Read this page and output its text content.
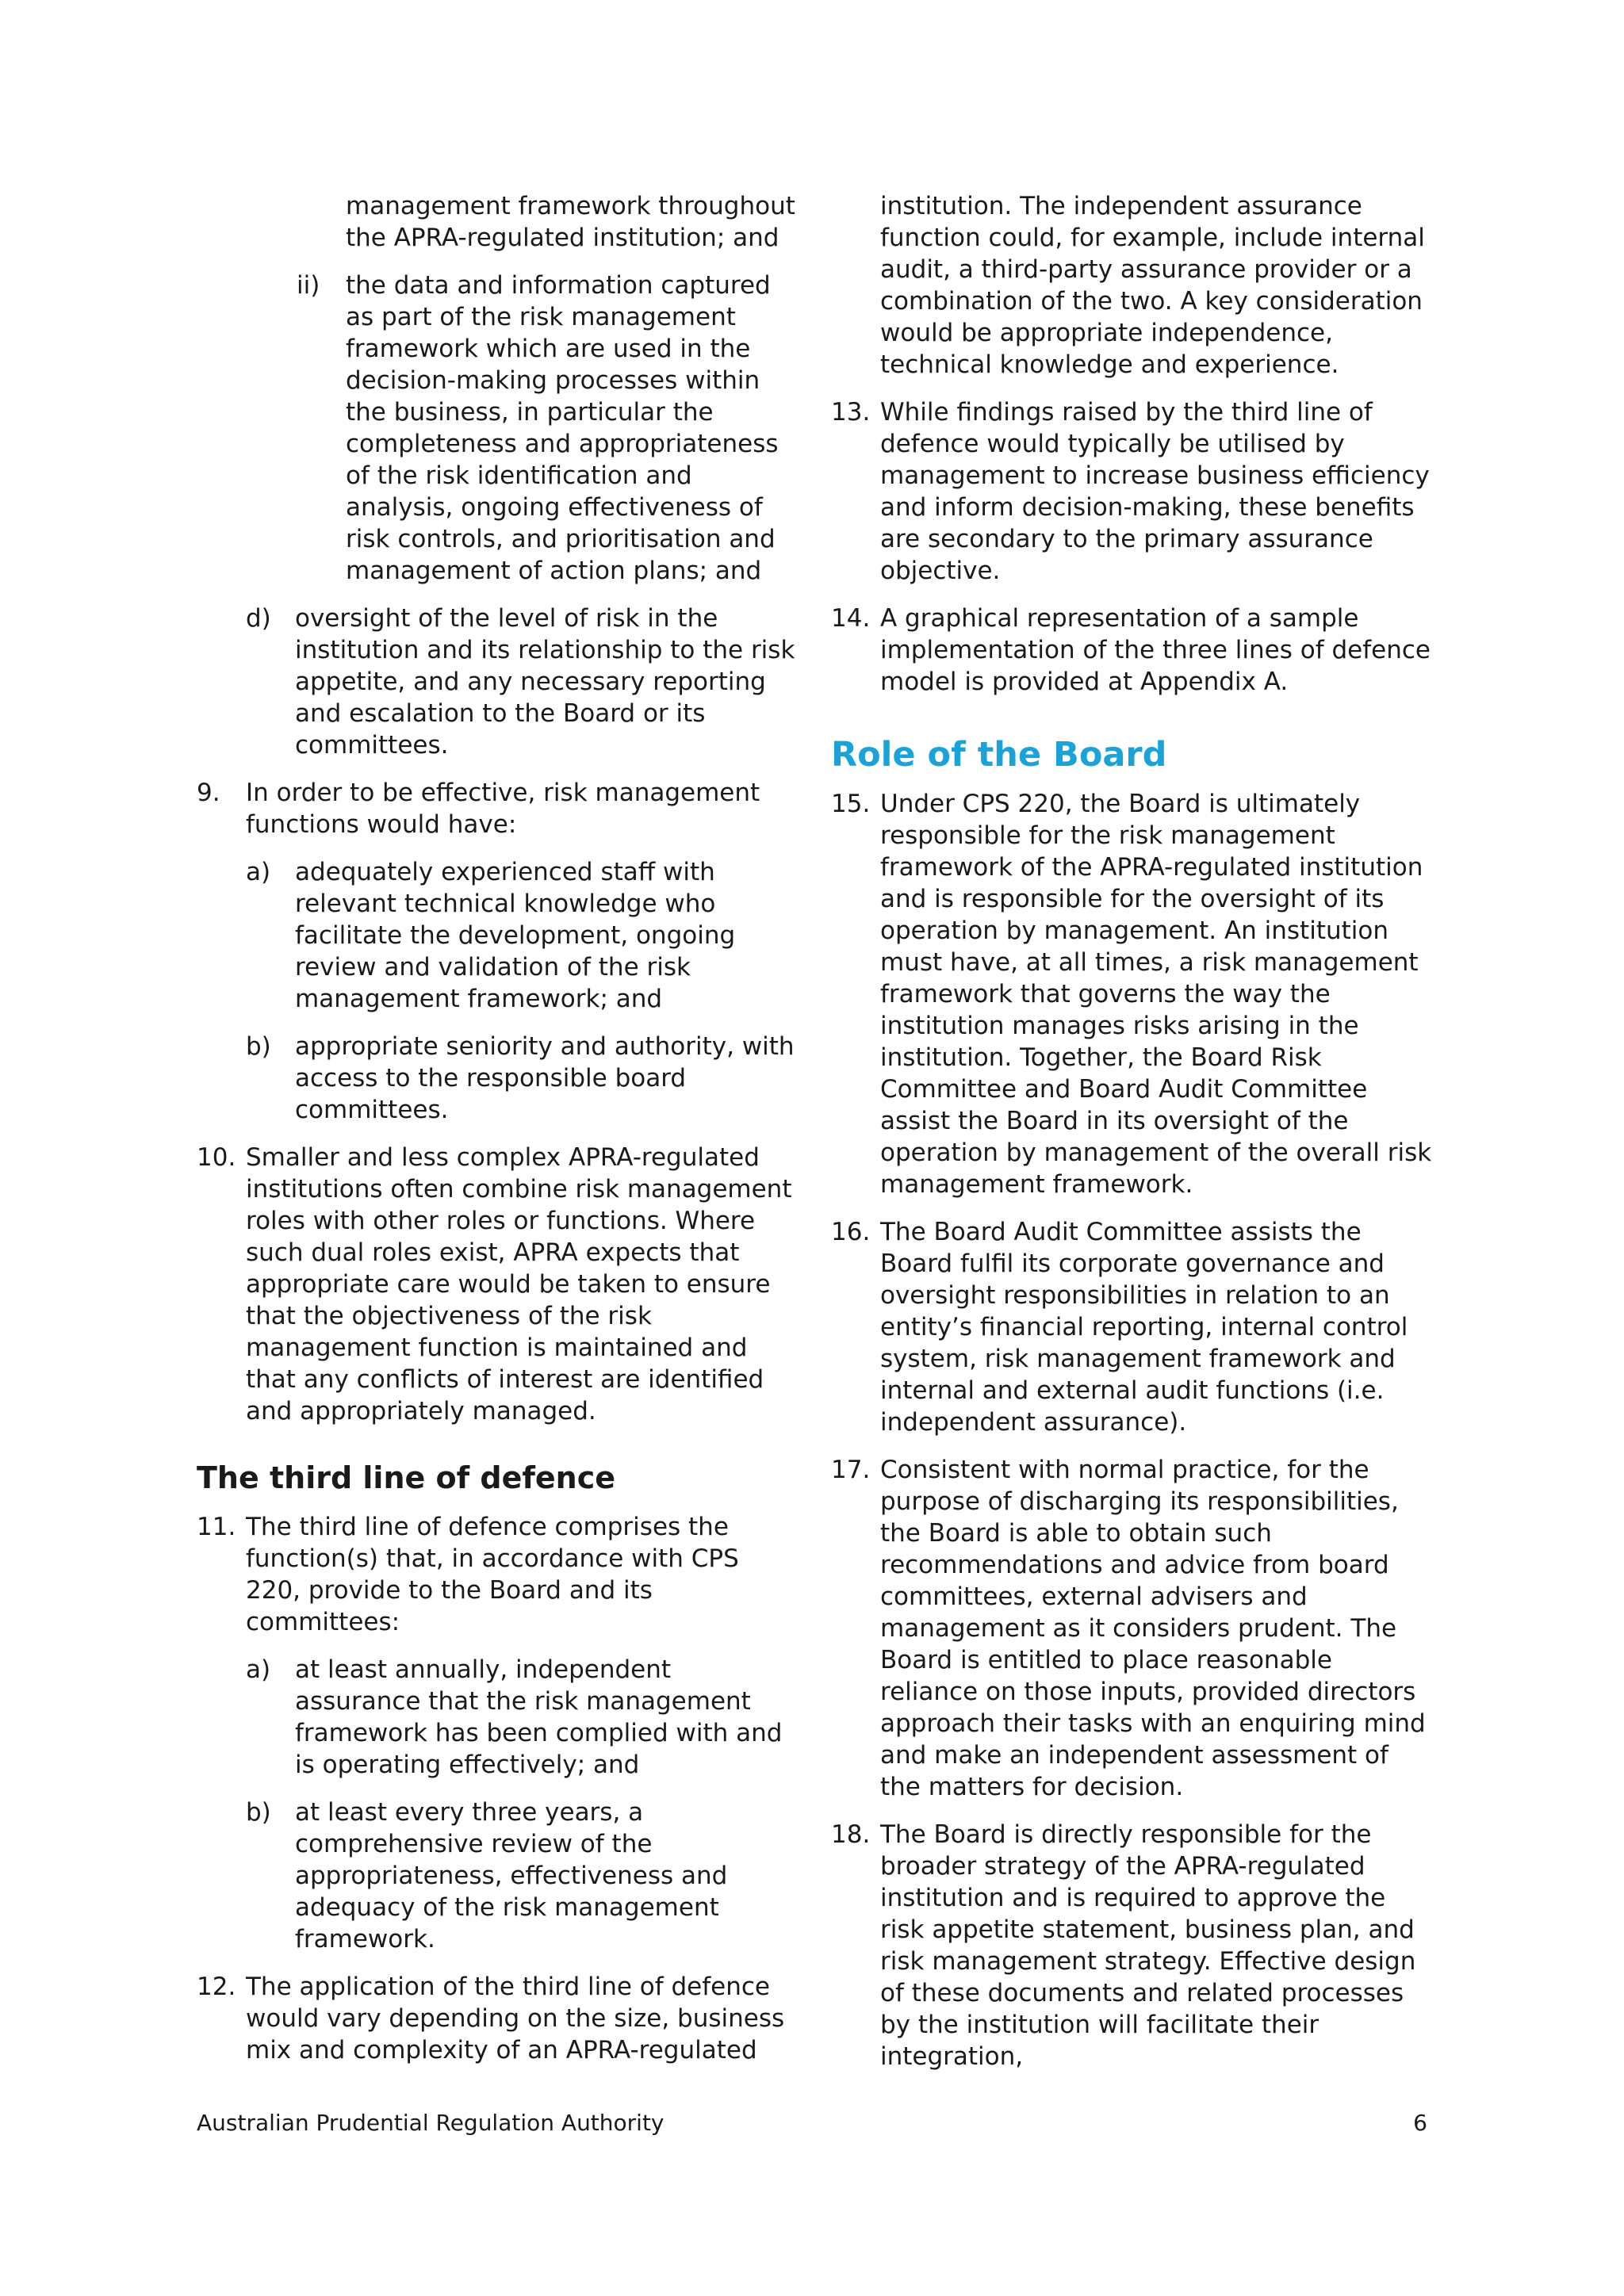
management framework throughout the APRA-regulated institution; and
ii) the data and information captured as part of the risk management framework which are used in the decision-making processes within the business, in particular the completeness and appropriateness of the risk identification and analysis, ongoing effectiveness of risk controls, and prioritisation and management of action plans; and
d) oversight of the level of risk in the institution and its relationship to the risk appetite, and any necessary reporting and escalation to the Board or its committees.
9. In order to be effective, risk management functions would have:
a) adequately experienced staff with relevant technical knowledge who facilitate the development, ongoing review and validation of the risk management framework; and
b) appropriate seniority and authority, with access to the responsible board committees.
10. Smaller and less complex APRA-regulated institutions often combine risk management roles with other roles or functions. Where such dual roles exist, APRA expects that appropriate care would be taken to ensure that the objectiveness of the risk management function is maintained and that any conflicts of interest are identified and appropriately managed.
The third line of defence
11. The third line of defence comprises the function(s) that, in accordance with CPS 220, provide to the Board and its committees:
a) at least annually, independent assurance that the risk management framework has been complied with and is operating effectively; and
b) at least every three years, a comprehensive review of the appropriateness, effectiveness and adequacy of the risk management framework.
12. The application of the third line of defence would vary depending on the size, business mix and complexity of an APRA-regulated
institution. The independent assurance function could, for example, include internal audit, a third-party assurance provider or a combination of the two. A key consideration would be appropriate independence, technical knowledge and experience.
13. While findings raised by the third line of defence would typically be utilised by management to increase business efficiency and inform decision-making, these benefits are secondary to the primary assurance objective.
14. A graphical representation of a sample implementation of the three lines of defence model is provided at Appendix A.
Role of the Board
15. Under CPS 220, the Board is ultimately responsible for the risk management framework of the APRA-regulated institution and is responsible for the oversight of its operation by management. An institution must have, at all times, a risk management framework that governs the way the institution manages risks arising in the institution. Together, the Board Risk Committee and Board Audit Committee assist the Board in its oversight of the operation by management of the overall risk management framework.
16. The Board Audit Committee assists the Board fulfil its corporate governance and oversight responsibilities in relation to an entity’s financial reporting, internal control system, risk management framework and internal and external audit functions (i.e. independent assurance).
17. Consistent with normal practice, for the purpose of discharging its responsibilities, the Board is able to obtain such recommendations and advice from board committees, external advisers and management as it considers prudent. The Board is entitled to place reasonable reliance on those inputs, provided directors approach their tasks with an enquiring mind and make an independent assessment of the matters for decision.
18. The Board is directly responsible for the broader strategy of the APRA-regulated institution and is required to approve the risk appetite statement, business plan, and risk management strategy. Effective design of these documents and related processes by the institution will facilitate their integration,
Australian Prudential Regulation Authority	6
